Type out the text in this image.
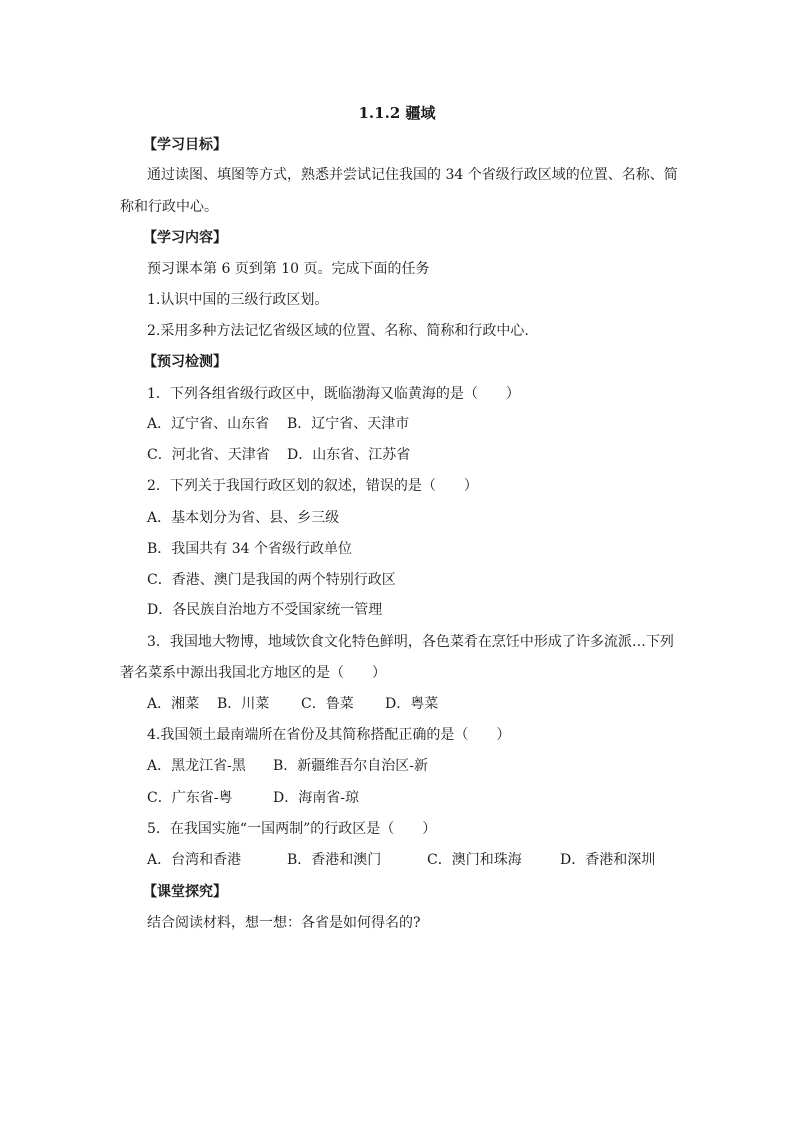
1.1.2 疆域
【学习目标】
通过读图、填图等方式，熟悉并尝试记住我国的 34 个省级行政区域的位置、名称、简
称和行政中心。
【学习内容】
预习课本第 6 页到第 10 页。完成下面的任务
1.认识中国的三级行政区划。
2.采用多种方法记忆省级区域的位置、名称、简称和行政中心.
【预习检测】
1．下列各组省级行政区中，既临渤海又临黄海的是（　　）
A．辽宁省、山东省	B．辽宁省、天津市
C．河北省、天津省	D．山东省、江苏省
2．下列关于我国行政区划的叙述，错误的是（　　）
A．基本划分为省、县、乡三级
B．我国共有 34 个省级行政单位
C．香港、澳门是我国的两个特别行政区
D．各民族自治地方不受国家统一管理
3．我国地大物博，地域饮食文化特色鲜明，各色菜肴在烹饪中形成了许多流派…下列
著名菜系中源出我国北方地区的是（　　）
A．湘菜	B．川菜	C．鲁菜	D．粤菜
4.我国领土最南端所在省份及其简称搭配正确的是（　　）
A．黑龙江省-黑	B．新疆维吾尔自治区-新
C．广东省-粤	D．海南省-琼
5．在我国实施“一国两制”的行政区是（　　）
A．台湾和香港	B．香港和澳门	C．澳门和珠海	D．香港和深圳
【课堂探究】
结合阅读材料，想一想：各省是如何得名的?
